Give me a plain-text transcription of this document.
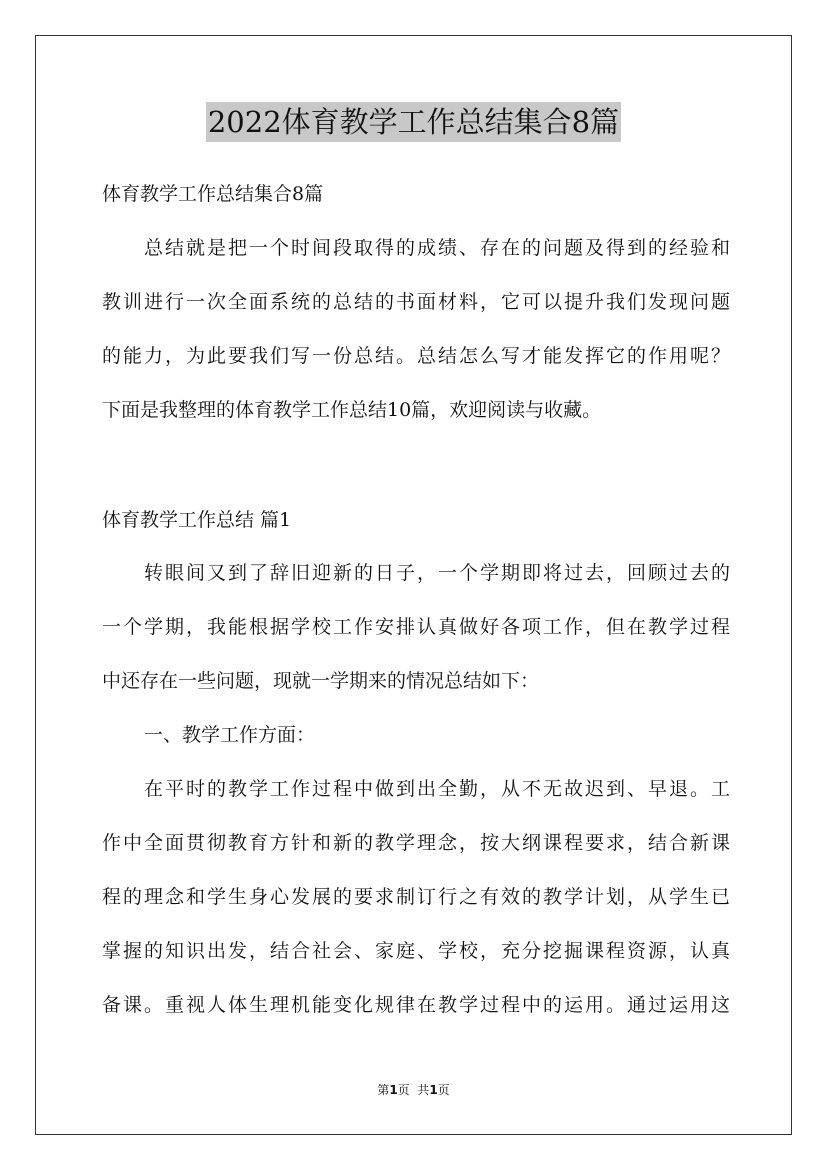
2022体育教学工作总结集合8篇
体育教学工作总结集合8篇
总结就是把一个时间段取得的成绩、存在的问题及得到的经验和
教训进行一次全面系统的总结的书面材料，它可以提升我们发现问题
的能力，为此要我们写一份总结。总结怎么写才能发挥它的作用呢？
下面是我整理的体育教学工作总结10篇，欢迎阅读与收藏。
体育教学工作总结 篇1
转眼间又到了辞旧迎新的日子，一个学期即将过去，回顾过去的
一个学期，我能根据学校工作安排认真做好各项工作，但在教学过程
中还存在一些问题，现就一学期来的情况总结如下：
一、教学工作方面：
在平时的教学工作过程中做到出全勤，从不无故迟到、早退。工
作中全面贯彻教育方针和新的教学理念，按大纲课程要求，结合新课
程的理念和学生身心发展的要求制订行之有效的教学计划，从学生已
掌握的知识出发，结合社会、家庭、学校，充分挖掘课程资源，认真
备课。重视人体生理机能变化规律在教学过程中的运用。通过运用这
第1页  共1页
